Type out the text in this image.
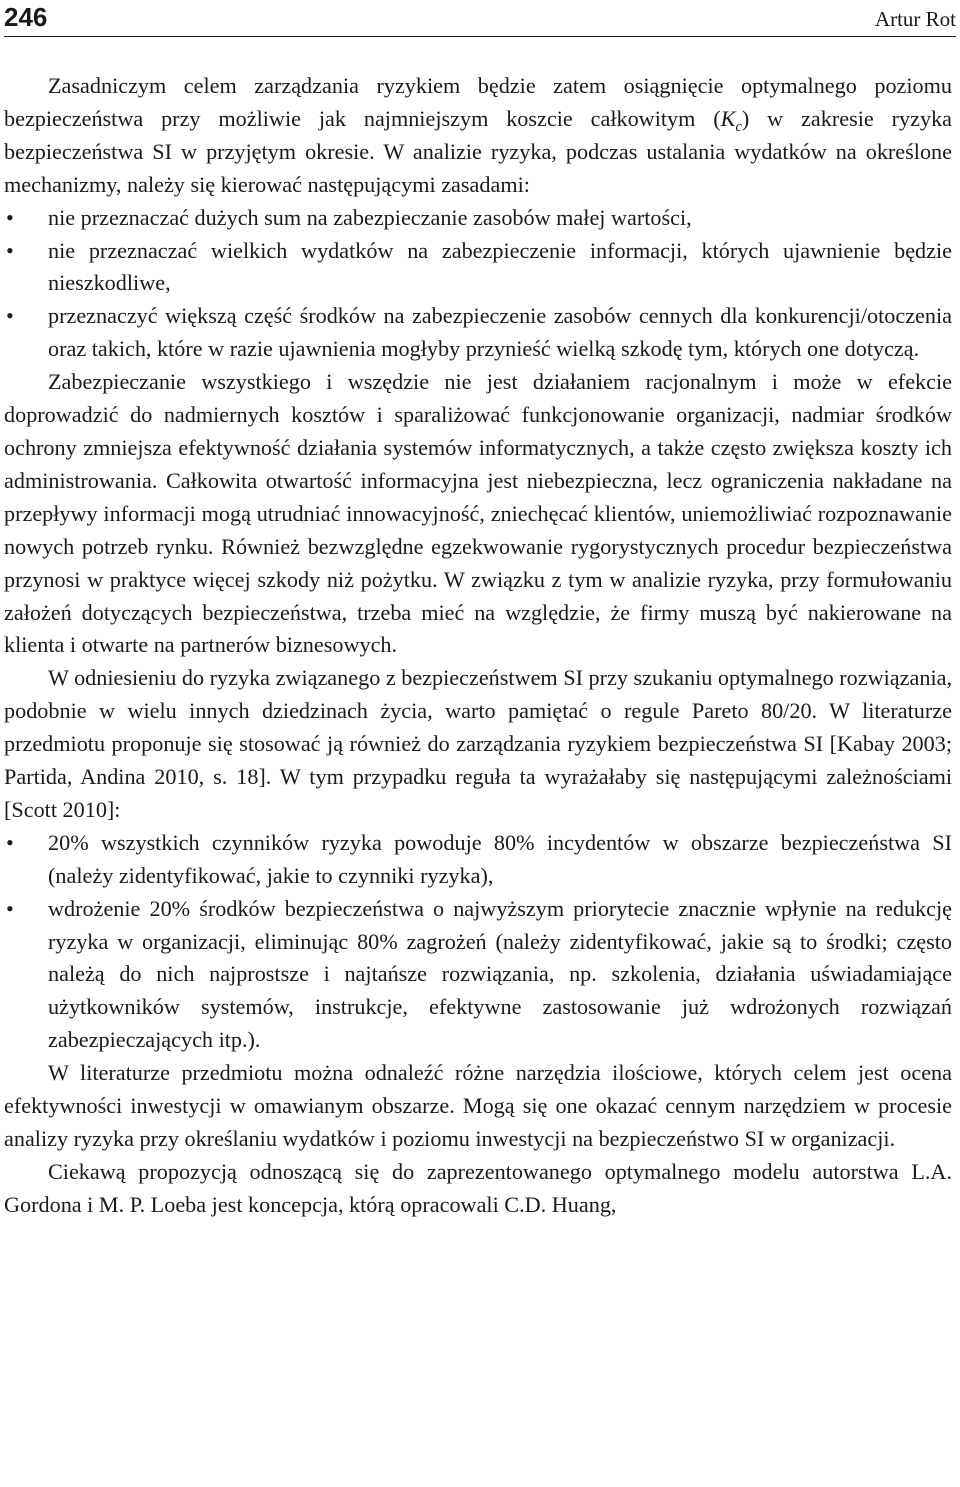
246	Artur Rot

Zasadniczym celem zarządzania ryzykiem będzie zatem osiągnięcie optymalnego poziomu bezpieczeństwa przy możliwie jak najmniejszym koszcie całkowitym $(K_c)$ w zakresie ryzyka bezpieczeństwa SI w przyjętym okresie. W analizie ryzyka, podczas ustalania wydatków na określone mechanizmy, należy się kierować następującymi zasadami:

• nie przeznaczać dużych sum na zabezpieczanie zasobów małej wartości,
• nie przeznaczać wielkich wydatków na zabezpieczenie informacji, których ujawnienie będzie nieszkodliwe,
• przeznaczyć większą część środków na zabezpieczenie zasobów cennych dla konkurencji/otoczenia oraz takich, które w razie ujawnienia mogłyby przynieść wielką szkodę tym, których one dotyczą.

Zabezpieczanie wszystkiego i wszędzie nie jest działaniem racjonalnym i może w efekcie doprowadzić do nadmiernych kosztów i sparaliżować funkcjonowanie organizacji, nadmiar środków ochrony zmniejsza efektywność działania systemów informatycznych, a także często zwiększa koszty ich administrowania. Całkowita otwartość informacyjna jest niebezpieczna, lecz ograniczenia nakładane na przepływy informacji mogą utrudniać innowacyjność, zniechęcać klientów, uniemożliwiać rozpoznawanie nowych potrzeb rynku. Również bezwzględne egzekwowanie rygorystycznych procedur bezpieczeństwa przynosi w praktyce więcej szkody niż pożytku. W związku z tym w analizie ryzyka, przy formułowaniu założeń dotyczących bezpieczeństwa, trzeba mieć na względzie, że firmy muszą być nakierowane na klienta i otwarte na partnerów biznesowych.

W odniesieniu do ryzyka związanego z bezpieczeństwem SI przy szukaniu optymalnego rozwiązania, podobnie w wielu innych dziedzinach życia, warto pamiętać o regule Pareto 80/20. W literaturze przedmiotu proponuje się stosować ją również do zarządzania ryzykiem bezpieczeństwa SI [Kabay 2003; Partida, Andina 2010, s. 18]. W tym przypadku reguła ta wyrażałaby się następującymi zależnościami [Scott 2010]:

• 20% wszystkich czynników ryzyka powoduje 80% incydentów w obszarze bezpieczeństwa SI (należy zidentyfikować, jakie to czynniki ryzyka),
• wdrożenie 20% środków bezpieczeństwa o najwyższym priorytecie znacznie wpłynie na redukcję ryzyka w organizacji, eliminując 80% zagrożeń (należy zidentyfikować, jakie są to środki; często należą do nich najprostsze i najtańsze rozwiązania, np. szkolenia, działania uświadamiające użytkowników systemów, instrukcje, efektywne zastosowanie już wdrożonych rozwiązań zabezpieczających itp.).

W literaturze przedmiotu można odnaleźć różne narzędzia ilościowe, których celem jest ocena efektywności inwestycji w omawianym obszarze. Mogą się one okazać cennym narzędziem w procesie analizy ryzyka przy określaniu wydatków i poziomu inwestycji na bezpieczeństwo SI w organizacji.

Ciekawą propozycją odnoszącą się do zaprezentowanego optymalnego modelu autorstwa L.A. Gordona i M. P. Loeba jest koncepcja, którą opracowali C.D. Huang,
